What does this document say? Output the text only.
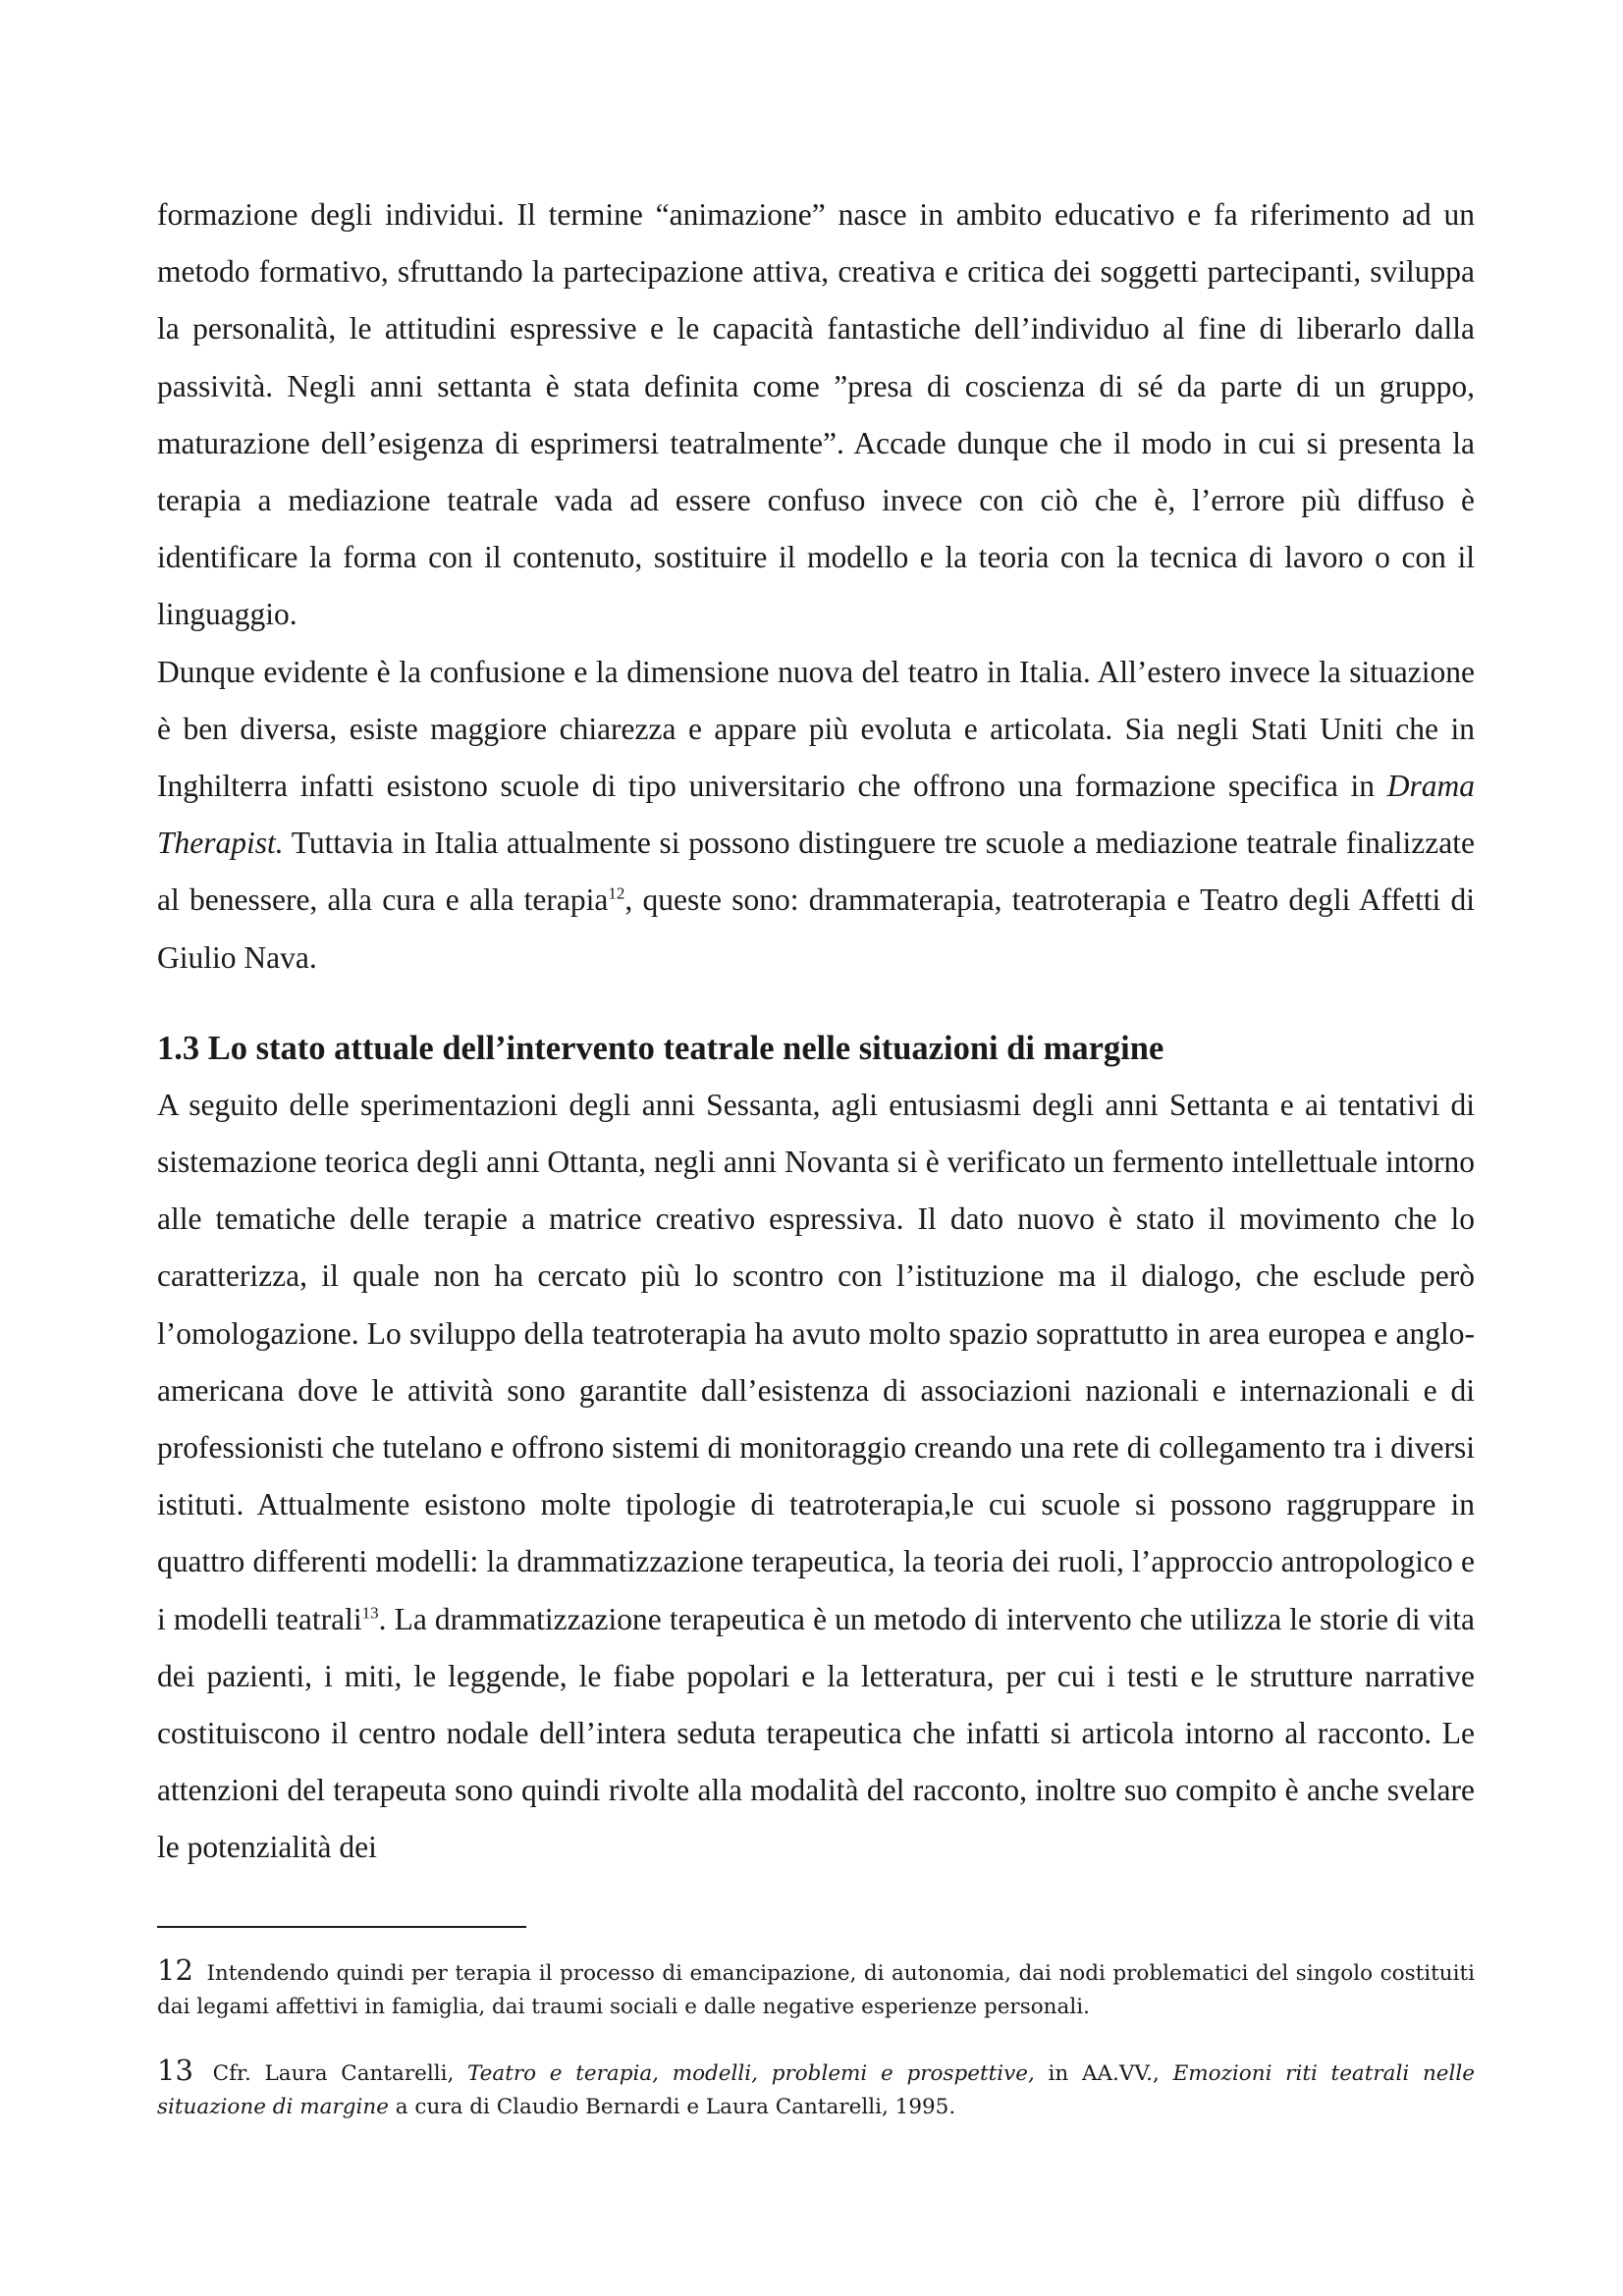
formazione degli individui. Il termine “animazione” nasce in ambito educativo e fa riferimento ad un metodo formativo, sfruttando la partecipazione attiva, creativa e critica dei soggetti partecipanti, sviluppa la personalità, le attitudini espressive e le capacità fantastiche dell’individuo al fine di liberarlo dalla passività. Negli anni settanta è stata definita come ”presa di coscienza di sé da parte di un gruppo, maturazione dell’esigenza di esprimersi teatralmente”. Accade dunque che il modo in cui si presenta la terapia a mediazione teatrale vada ad essere confuso invece con ciò che è, l’errore più diffuso è identificare la forma con il contenuto, sostituire il modello e la teoria con la tecnica di lavoro o con il linguaggio.

Dunque evidente è la confusione e la dimensione nuova del teatro in Italia. All’estero invece la situazione è ben diversa, esiste maggiore chiarezza e appare più evoluta e articolata. Sia negli Stati Uniti che in Inghilterra infatti esistono scuole di tipo universitario che offrono una formazione specifica in Drama Therapist. Tuttavia in Italia attualmente si possono distinguere tre scuole a mediazione teatrale finalizzate al benessere, alla cura e alla terapia$^{12}$, queste sono: drammaterapia, teatroterapia e Teatro degli Affetti di Giulio Nava.

1.3 Lo stato attuale dell’intervento teatrale nelle situazioni di margine

A seguito delle sperimentazioni degli anni Sessanta, agli entusiasmi degli anni Settanta e ai tentativi di sistemazione teorica degli anni Ottanta, negli anni Novanta si è verificato un fermento intellettuale intorno alle tematiche delle terapie a matrice creativo espressiva. Il dato nuovo è stato il movimento che lo caratterizza, il quale non ha cercato più lo scontro con l’istituzione ma il dialogo, che esclude però l’omologazione. Lo sviluppo della teatroterapia ha avuto molto spazio soprattutto in area europea e anglo-americana dove le attività sono garantite dall’esistenza di associazioni nazionali e internazionali e di professionisti che tutelano e offrono sistemi di monitoraggio creando una rete di collegamento tra i diversi istituti. Attualmente esistono molte tipologie di teatroterapia,le cui scuole si possono raggruppare in quattro differenti modelli: la drammatizzazione terapeutica, la teoria dei ruoli, l’approccio antropologico e i modelli teatrali$^{13}$. La drammatizzazione terapeutica è un metodo di intervento che utilizza le storie di vita dei pazienti, i miti, le leggende, le fiabe popolari e la letteratura, per cui i testi e le strutture narrative costituiscono il centro nodale dell’intera seduta terapeutica che infatti si articola intorno al racconto. Le attenzioni del terapeuta sono quindi rivolte alla modalità del racconto, inoltre suo compito è anche svelare le potenzialità dei

12 Intendendo quindi per terapia il processo di emancipazione, di autonomia, dai nodi problematici del singolo costituiti dai legami affettivi in famiglia, dai traumi sociali e dalle negative esperienze personali.

13 Cfr. Laura Cantarelli, Teatro e terapia, modelli, problemi e prospettive, in AA.VV., Emozioni riti teatrali nelle situazione di margine a cura di Claudio Bernardi e Laura Cantarelli, 1995.
